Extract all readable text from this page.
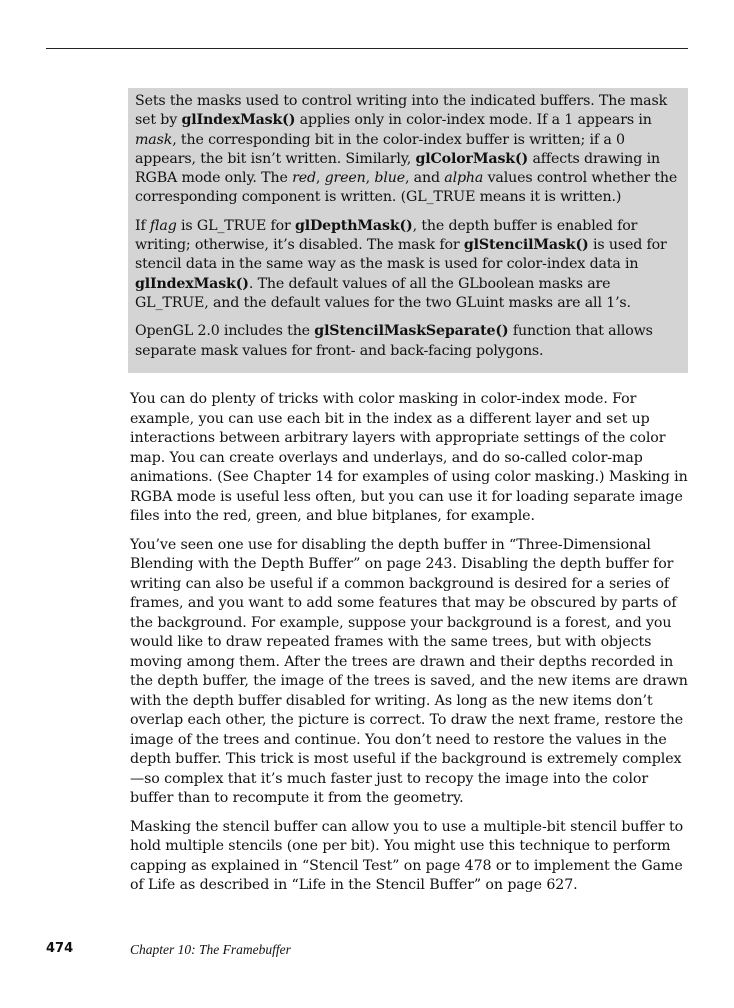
Sets the masks used to control writing into the indicated buffers. The mask set by glIndexMask() applies only in color-index mode. If a 1 appears in mask, the corresponding bit in the color-index buffer is written; if a 0 appears, the bit isn’t written. Similarly, glColorMask() affects drawing in RGBA mode only. The red, green, blue, and alpha values control whether the corresponding component is written. (GL_TRUE means it is written.)

If flag is GL_TRUE for glDepthMask(), the depth buffer is enabled for writing; otherwise, it’s disabled. The mask for glStencilMask() is used for stencil data in the same way as the mask is used for color-index data in glIndexMask(). The default values of all the GLboolean masks are GL_TRUE, and the default values for the two GLuint masks are all 1’s.

OpenGL 2.0 includes the glStencilMaskSeparate() function that allows separate mask values for front- and back-facing polygons.

You can do plenty of tricks with color masking in color-index mode. For example, you can use each bit in the index as a different layer and set up interactions between arbitrary layers with appropriate settings of the color map. You can create overlays and underlays, and do so-called color-map animations. (See Chapter 14 for examples of using color masking.) Masking in RGBA mode is useful less often, but you can use it for loading separate image files into the red, green, and blue bitplanes, for example.

You’ve seen one use for disabling the depth buffer in “Three-Dimensional Blending with the Depth Buffer” on page 243. Disabling the depth buffer for writing can also be useful if a common background is desired for a series of frames, and you want to add some features that may be obscured by parts of the background. For example, suppose your background is a forest, and you would like to draw repeated frames with the same trees, but with objects moving among them. After the trees are drawn and their depths recorded in the depth buffer, the image of the trees is saved, and the new items are drawn with the depth buffer disabled for writing. As long as the new items don’t overlap each other, the picture is correct. To draw the next frame, restore the image of the trees and continue. You don’t need to restore the values in the depth buffer. This trick is most useful if the background is extremely complex—so complex that it’s much faster just to recopy the image into the color buffer than to recompute it from the geometry.

Masking the stencil buffer can allow you to use a multiple-bit stencil buffer to hold multiple stencils (one per bit). You might use this technique to perform capping as explained in “Stencil Test” on page 478 or to implement the Game of Life as described in “Life in the Stencil Buffer” on page 627.

474	Chapter 10: The Framebuffer
